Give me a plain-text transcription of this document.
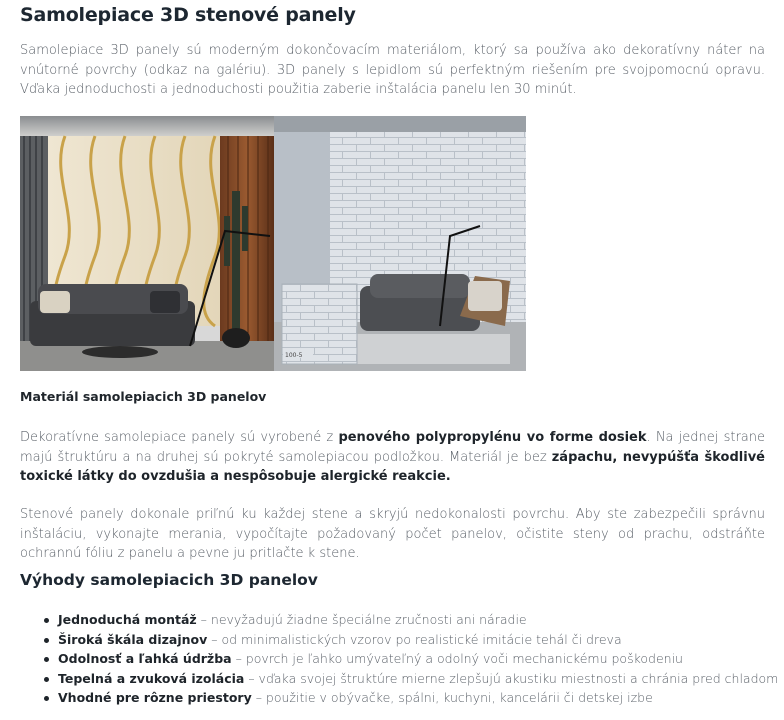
Samolepiace 3D stenové panely

Samolepiace 3D panely sú moderným dokončovacím materiálom, ktorý sa používa ako dekoratívny náter na vnútorné povrchy (odkaz na galériu). 3D panely s lepidlom sú perfektným riešením pre svojpomocnú opravu. Vďaka jednoduchosti a jednoduchosti použitia zaberie inštalácia panelu len 30 minút.

100-5

Materiál samolepiacich 3D panelov

Dekoratívne samolepiace panely sú vyrobené z penového polypropylénu vo forme dosiek. Na jednej strane majú štruktúru a na druhej sú pokryté samolepiacou podložkou. Materiál je bez zápachu, nevypúšťa škodlivé toxické látky do ovzdušia a nespôsobuje alergické reakcie.

Stenové panely dokonale priľnú ku každej stene a skryjú nedokonalosti povrchu. Aby ste zabezpečili správnu inštaláciu, vykonajte merania, vypočítajte požadovaný počet panelov, očistite steny od prachu, odstráňte ochrannú fóliu z panelu a pevne ju pritlačte k stene.

Výhody samolepiacich 3D panelov
Jednoduchá montáž – nevyžadujú žiadne špeciálne zručnosti ani náradie
Široká škála dizajnov – od minimalistických vzorov po realistické imitácie tehál či dreva
Odolnosť a ľahká údržba – povrch je ľahko umývateľný a odolný voči mechanickému poškodeniu
Tepelná a zvuková izolácia – vďaka svojej štruktúre mierne zlepšujú akustiku miestnosti a chránia pred chladom
Vhodné pre rôzne priestory – použitie v obývačke, spálni, kuchyni, kancelárii či detskej izbe
